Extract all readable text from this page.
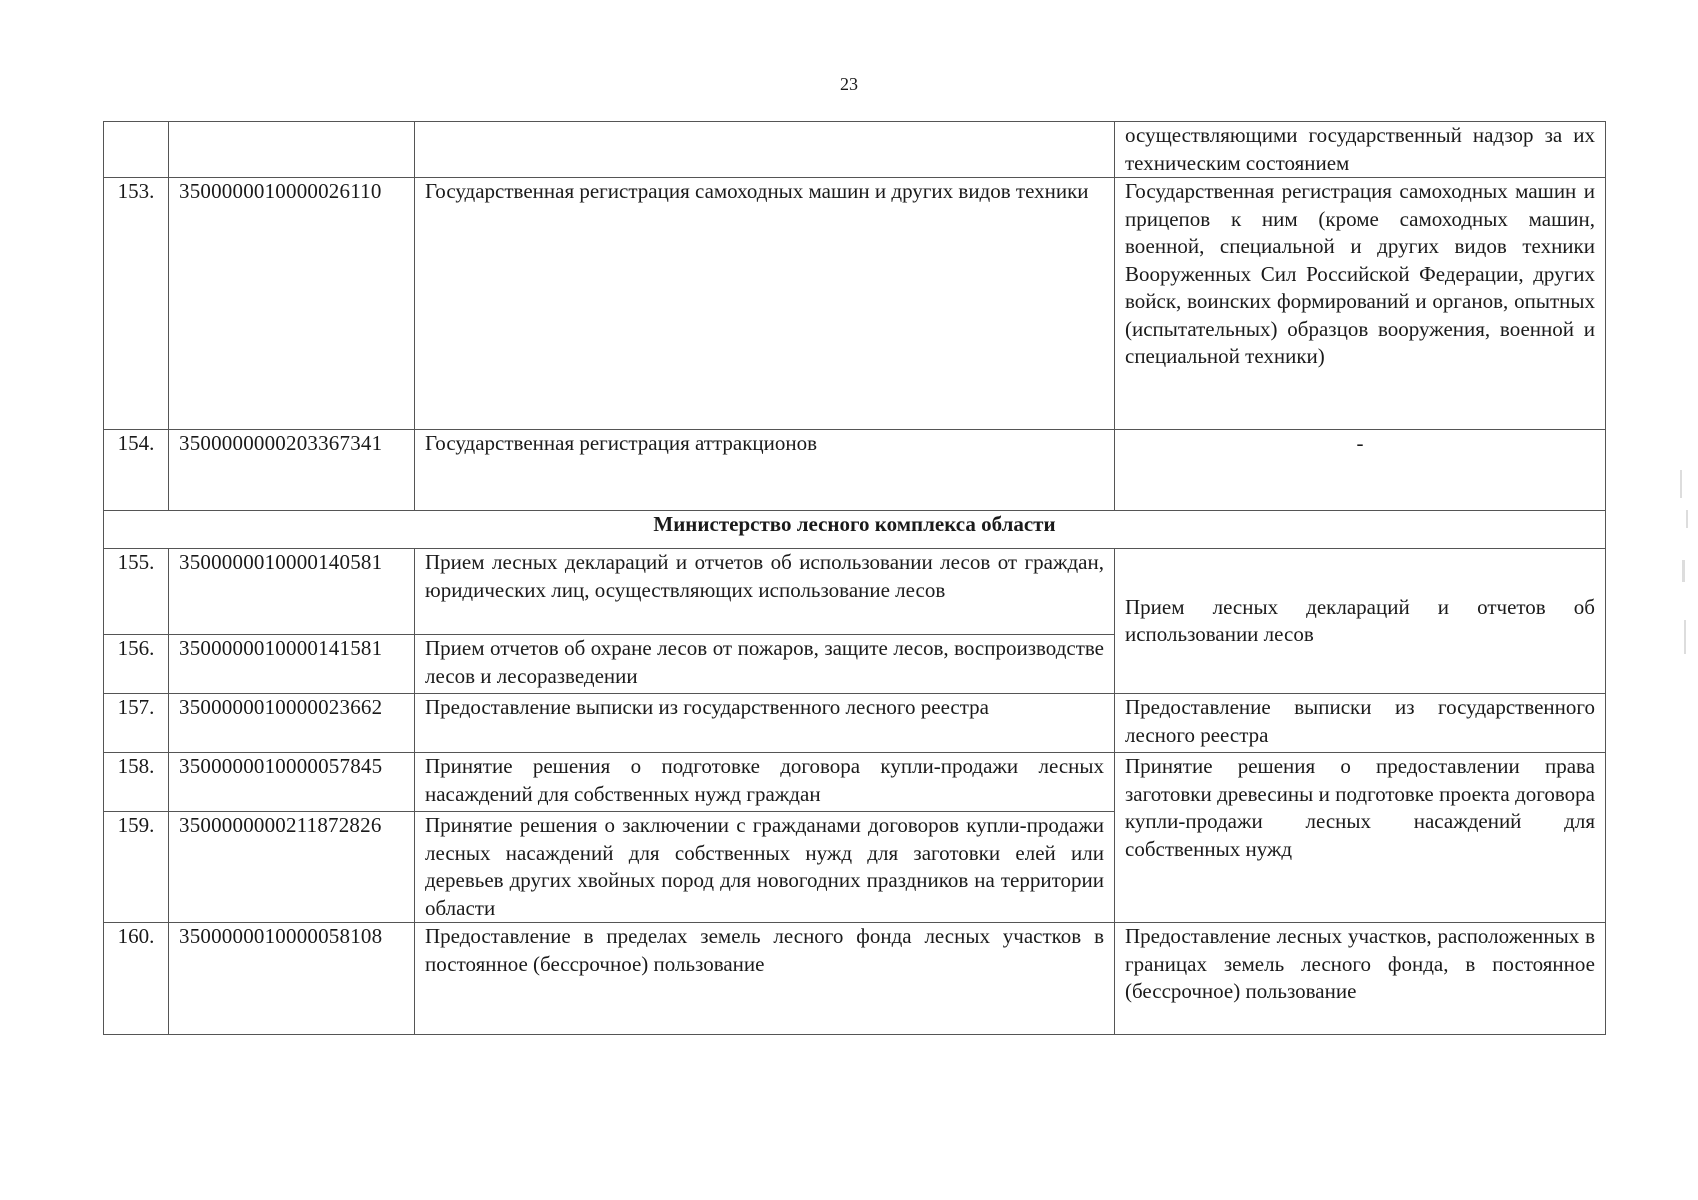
23
			осуществляющими государственный надзор за их техническим состоянием
153.	3500000010000026110	Государственная регистрация самоходных машин и других видов техники	Государственная регистрация самоходных машин и прицепов к ним (кроме самоходных машин, военной, специальной и других видов техники Вооруженных Сил Российской Федерации, других войск, воинских формирований и органов, опытных (испытательных) образцов вооружения, военной и специальной техники)
154.	3500000000203367341	Государственная регистрация аттракционов	-
Министерство лесного комплекса области			
155.	3500000010000140581	Прием лесных деклараций и отчетов об использовании лесов от граждан, юридических лиц, осуществляющих использование лесов	Прием лесных деклараций и отчетов об использовании лесов
156.	3500000010000141581	Прием отчетов об охране лесов от пожаров, защите лесов, воспроизводстве лесов и лесоразведении	
157.	3500000010000023662	Предоставление выписки из государственного лесного реестра	Предоставление выписки из государственного лесного реестра
158.	3500000010000057845	Принятие решения о подготовке договора купли-продажи лесных насаждений для собственных нужд граждан	Принятие решения о предоставлении права заготовки древесины и подготовке проекта договора купли-продажи лесных насаждений для собственных нужд
159.	3500000000211872826	Принятие решения о заключении с гражданами договоров купли-продажи лесных насаждений для собственных нужд для заготовки елей или деревьев других хвойных пород для новогодних праздников на территории области	
160.	3500000010000058108	Предоставление в пределах земель лесного фонда лесных участков в постоянное (бессрочное) пользование	Предоставление лесных участков, расположенных в границах земель лесного фонда, в постоянное (бессрочное) пользование
